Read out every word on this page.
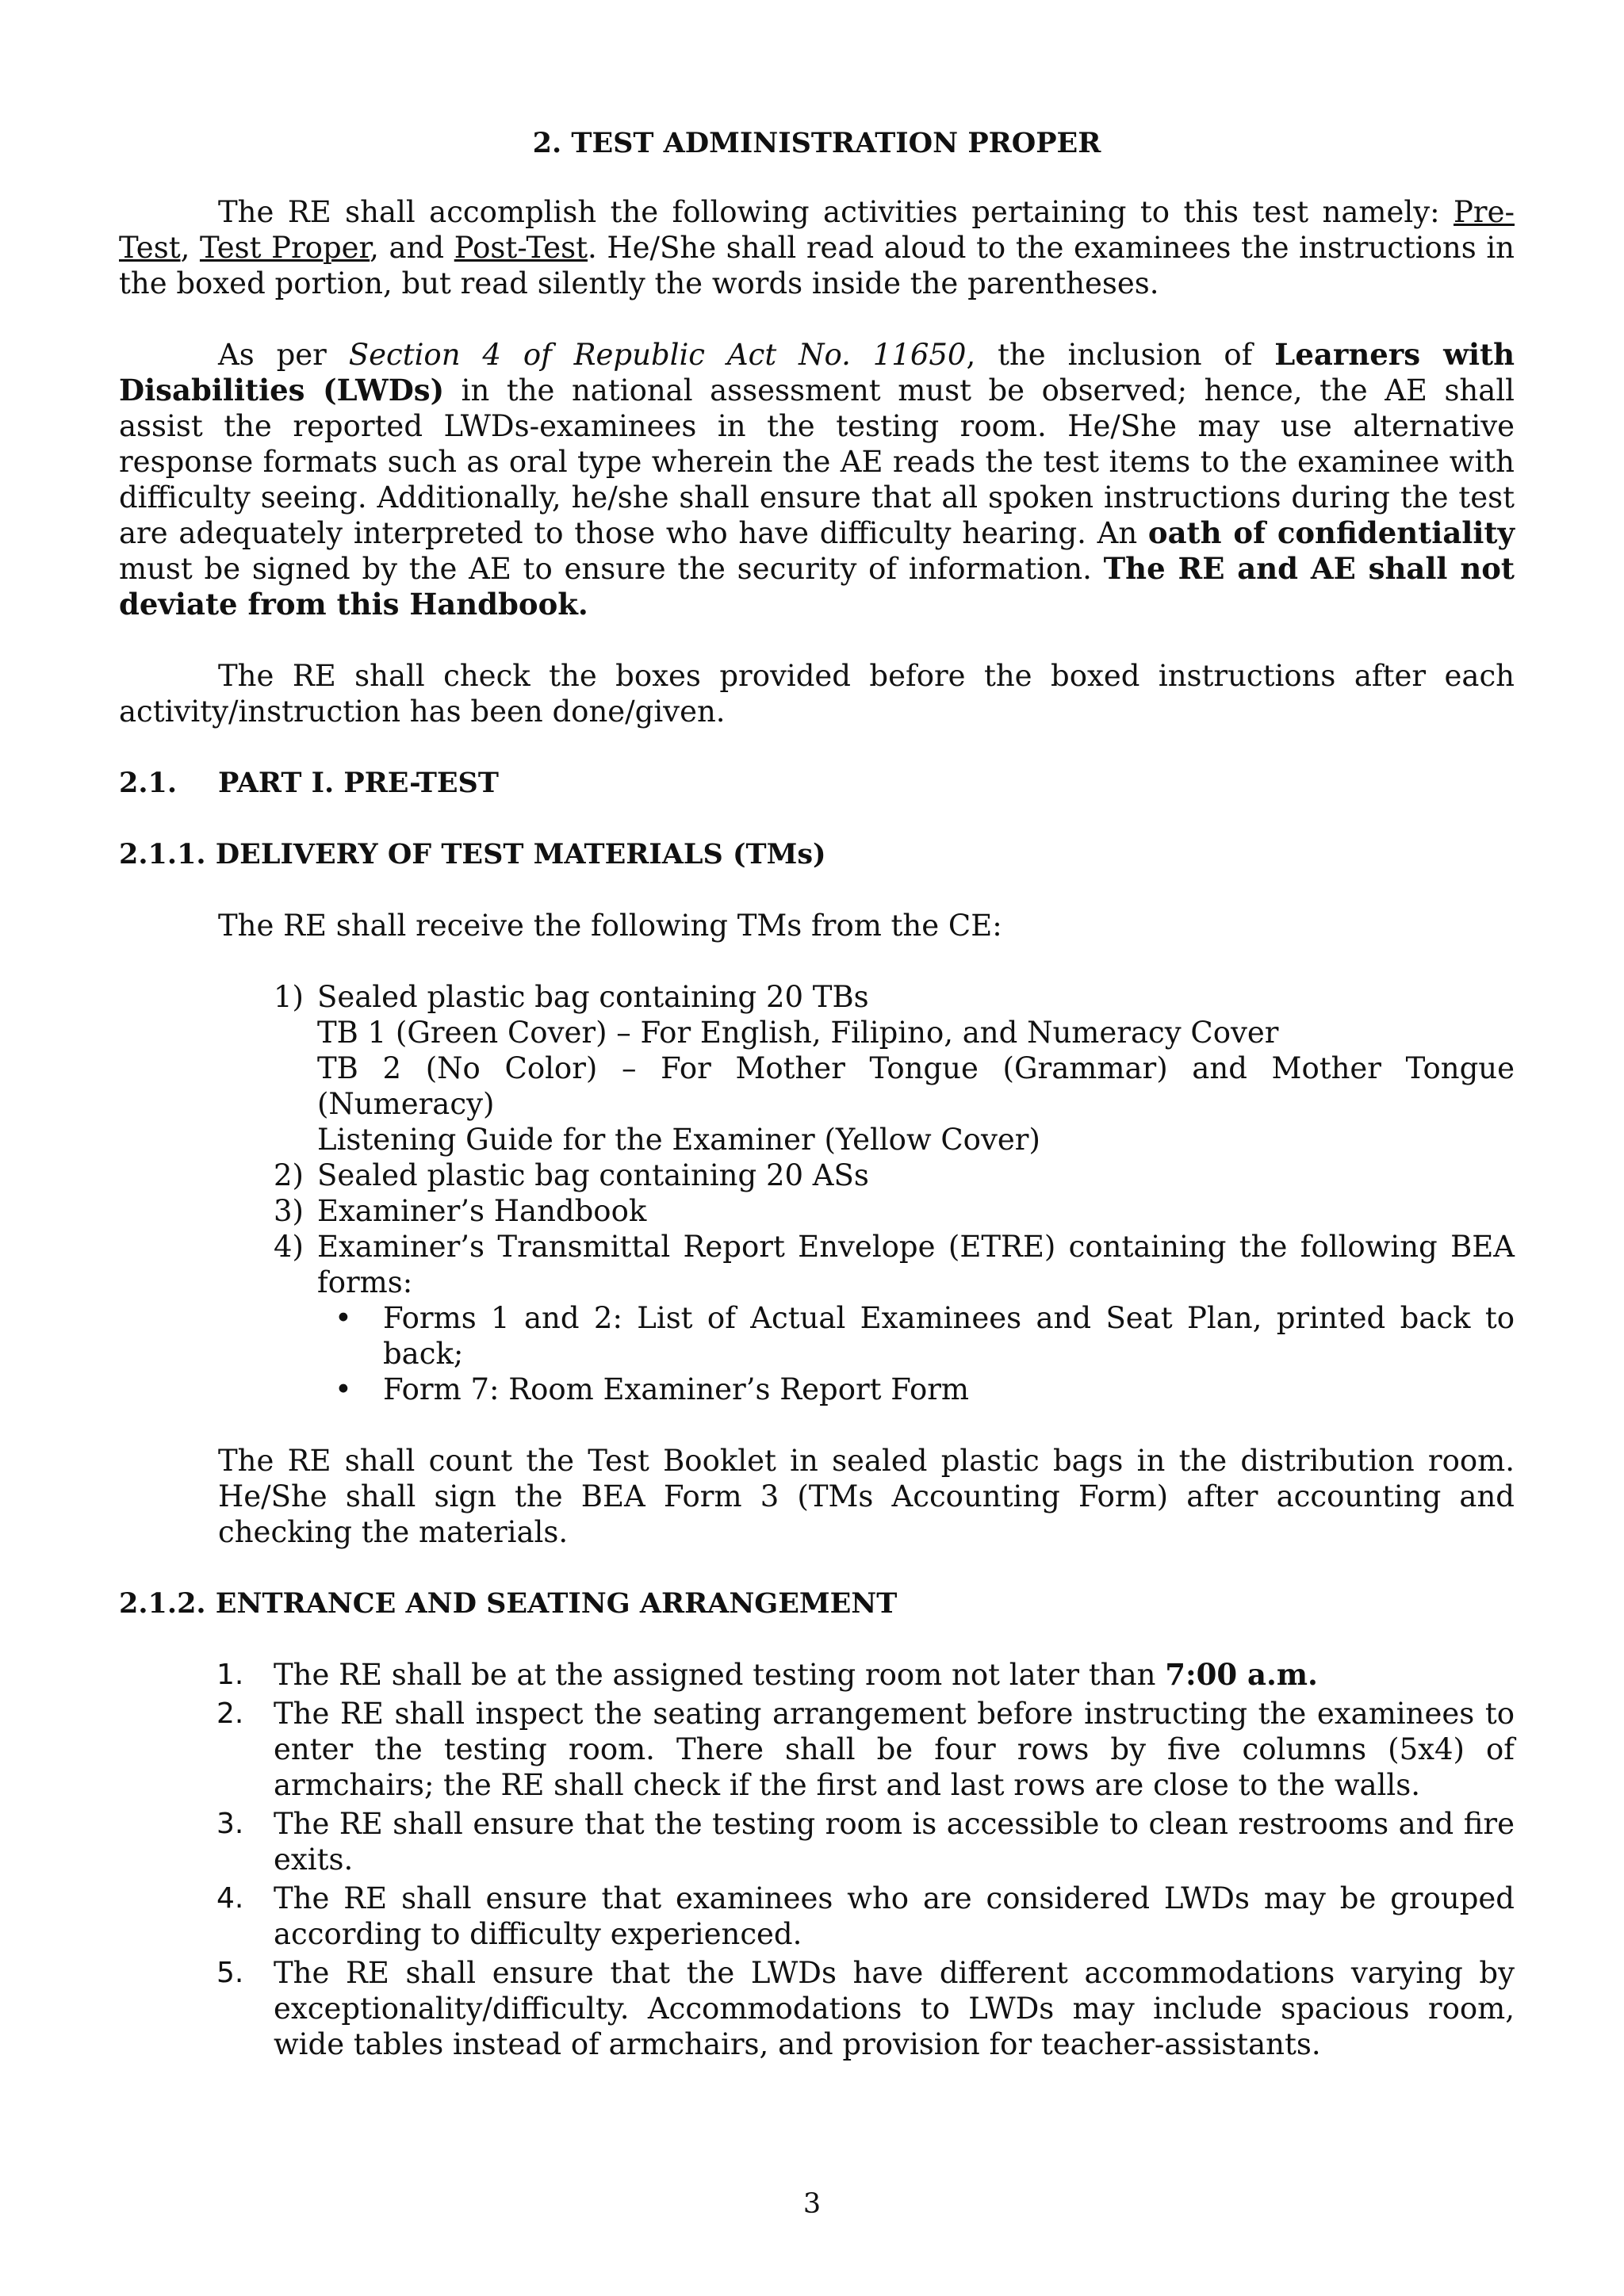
2. TEST ADMINISTRATION PROPER

The RE shall accomplish the following activities pertaining to this test namely: Pre-Test, Test Proper, and Post-Test. He/She shall read aloud to the examinees the instructions in the boxed portion, but read silently the words inside the parentheses.

As per Section 4 of Republic Act No. 11650, the inclusion of Learners with Disabilities (LWDs) in the national assessment must be observed; hence, the AE shall assist the reported LWDs-examinees in the testing room. He/She may use alternative response formats such as oral type wherein the AE reads the test items to the examinee with difficulty seeing. Additionally, he/she shall ensure that all spoken instructions during the test are adequately interpreted to those who have difficulty hearing. An oath of confidentiality must be signed by the AE to ensure the security of information. The RE and AE shall not deviate from this Handbook.

The RE shall check the boxes provided before the boxed instructions after each activity/instruction has been done/given.

2.1. PART I. PRE-TEST

2.1.1. DELIVERY OF TEST MATERIALS (TMs)

The RE shall receive the following TMs from the CE:

1) Sealed plastic bag containing 20 TBs
TB 1 (Green Cover) – For English, Filipino, and Numeracy Cover
TB 2 (No Color) – For Mother Tongue (Grammar) and Mother Tongue (Numeracy)
Listening Guide for the Examiner (Yellow Cover)
2) Sealed plastic bag containing 20 ASs
3) Examiner’s Handbook
4) Examiner’s Transmittal Report Envelope (ETRE) containing the following BEA forms:
• Forms 1 and 2: List of Actual Examinees and Seat Plan, printed back to back;
• Form 7: Room Examiner’s Report Form

The RE shall count the Test Booklet in sealed plastic bags in the distribution room. He/She shall sign the BEA Form 3 (TMs Accounting Form) after accounting and checking the materials.

2.1.2. ENTRANCE AND SEATING ARRANGEMENT

1. The RE shall be at the assigned testing room not later than 7:00 a.m.
2. The RE shall inspect the seating arrangement before instructing the examinees to enter the testing room. There shall be four rows by five columns (5x4) of armchairs; the RE shall check if the first and last rows are close to the walls.
3. The RE shall ensure that the testing room is accessible to clean restrooms and fire exits.
4. The RE shall ensure that examinees who are considered LWDs may be grouped according to difficulty experienced.
5. The RE shall ensure that the LWDs have different accommodations varying by exceptionality/difficulty. Accommodations to LWDs may include spacious room, wide tables instead of armchairs, and provision for teacher-assistants.
3
